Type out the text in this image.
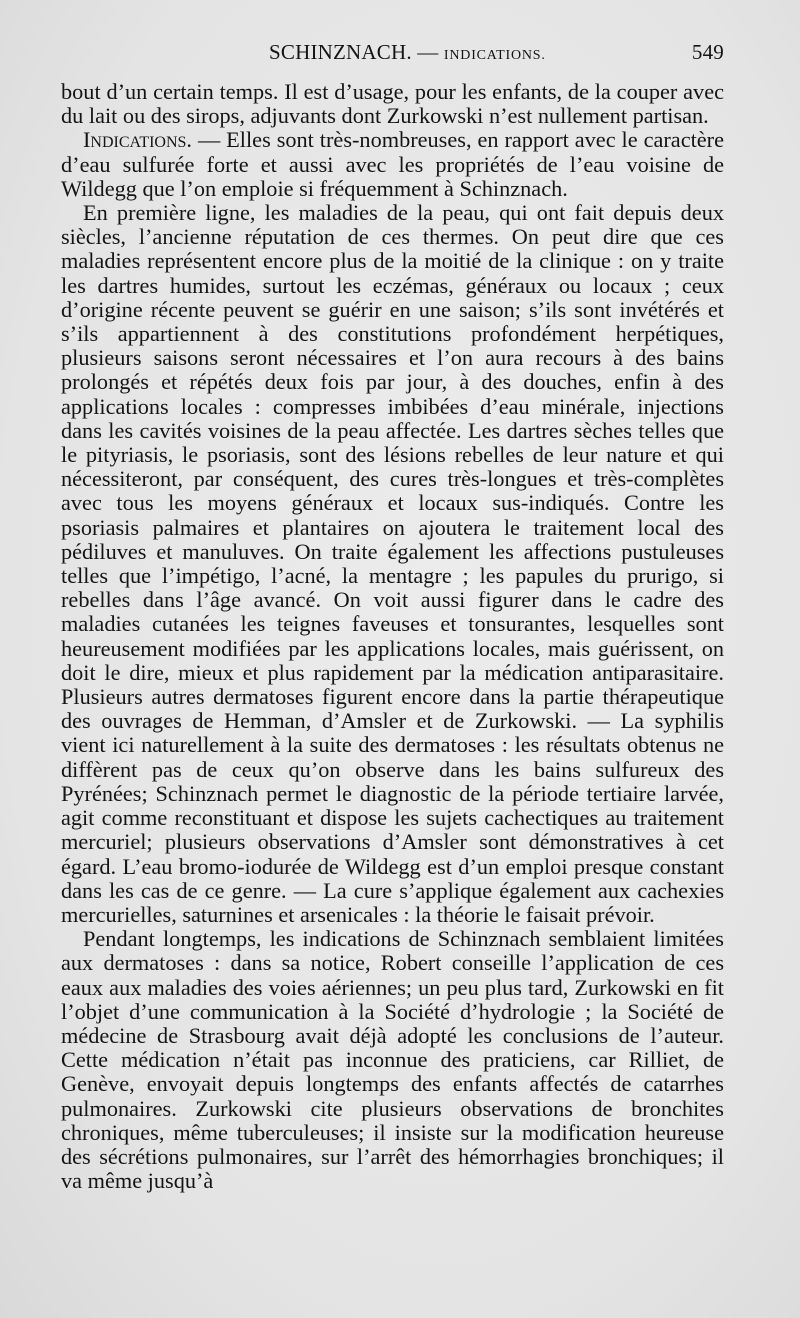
SCHINZNACH. — INDICATIONS.	549

bout d’un certain temps. Il est d’usage, pour les enfants, de la couper avec du lait ou des sirops, adjuvants dont Zurkowski n’est nullement partisan.

Indications. — Elles sont très-nombreuses, en rapport avec le caractère d’eau sulfurée forte et aussi avec les propriétés de l’eau voisine de Wildegg que l’on emploie si fréquemment à Schinznach.

En première ligne, les maladies de la peau, qui ont fait depuis deux siècles, l’ancienne réputation de ces thermes. On peut dire que ces maladies représentent encore plus de la moitié de la clinique : on y traite les dartres humides, surtout les eczémas, généraux ou locaux ; ceux d’origine récente peuvent se guérir en une saison; s’ils sont invétérés et s’ils appartiennent à des constitutions profondément herpétiques, plusieurs saisons seront nécessaires et l’on aura recours à des bains prolongés et répétés deux fois par jour, à des douches, enfin à des applications locales : compresses imbibées d’eau minérale, injections dans les cavités voisines de la peau affectée. Les dartres sèches telles que le pityriasis, le psoriasis, sont des lésions rebelles de leur nature et qui nécessiteront, par conséquent, des cures très-longues et très-complètes avec tous les moyens généraux et locaux sus-indiqués. Contre les psoriasis palmaires et plantaires on ajoutera le traitement local des pédiluves et manuluves. On traite également les affections pustuleuses telles que l’impétigo, l’acné, la mentagre ; les papules du prurigo, si rebelles dans l’âge avancé. On voit aussi figurer dans le cadre des maladies cutanées les teignes faveuses et tonsurantes, lesquelles sont heureusement modifiées par les applications locales, mais guérissent, on doit le dire, mieux et plus rapidement par la médication antiparasitaire. Plusieurs autres dermatoses figurent encore dans la partie thérapeutique des ouvrages de Hemman, d’Amsler et de Zurkowski. — La syphilis vient ici naturellement à la suite des dermatoses : les résultats obtenus ne diffèrent pas de ceux qu’on observe dans les bains sulfureux des Pyrénées; Schinznach permet le diagnostic de la période tertiaire larvée, agit comme reconstituant et dispose les sujets cachectiques au traitement mercuriel; plusieurs observations d’Amsler sont démonstratives à cet égard. L’eau bromo-iodurée de Wildegg est d’un emploi presque constant dans les cas de ce genre. — La cure s’applique également aux cachexies mercurielles, saturnines et arsenicales : la théorie le faisait prévoir.

Pendant longtemps, les indications de Schinznach semblaient limitées aux dermatoses : dans sa notice, Robert conseille l’application de ces eaux aux maladies des voies aériennes; un peu plus tard, Zurkowski en fit l’objet d’une communication à la Société d’hydrologie ; la Société de médecine de Strasbourg avait déjà adopté les conclusions de l’auteur. Cette médication n’était pas inconnue des praticiens, car Rilliet, de Genève, envoyait depuis longtemps des enfants affectés de catarrhes pulmonaires. Zurkowski cite plusieurs observations de bronchites chroniques, même tuberculeuses; il insiste sur la modification heureuse des sécrétions pulmonaires, sur l’arrêt des hémorrhagies bronchiques; il va même jusqu’à
